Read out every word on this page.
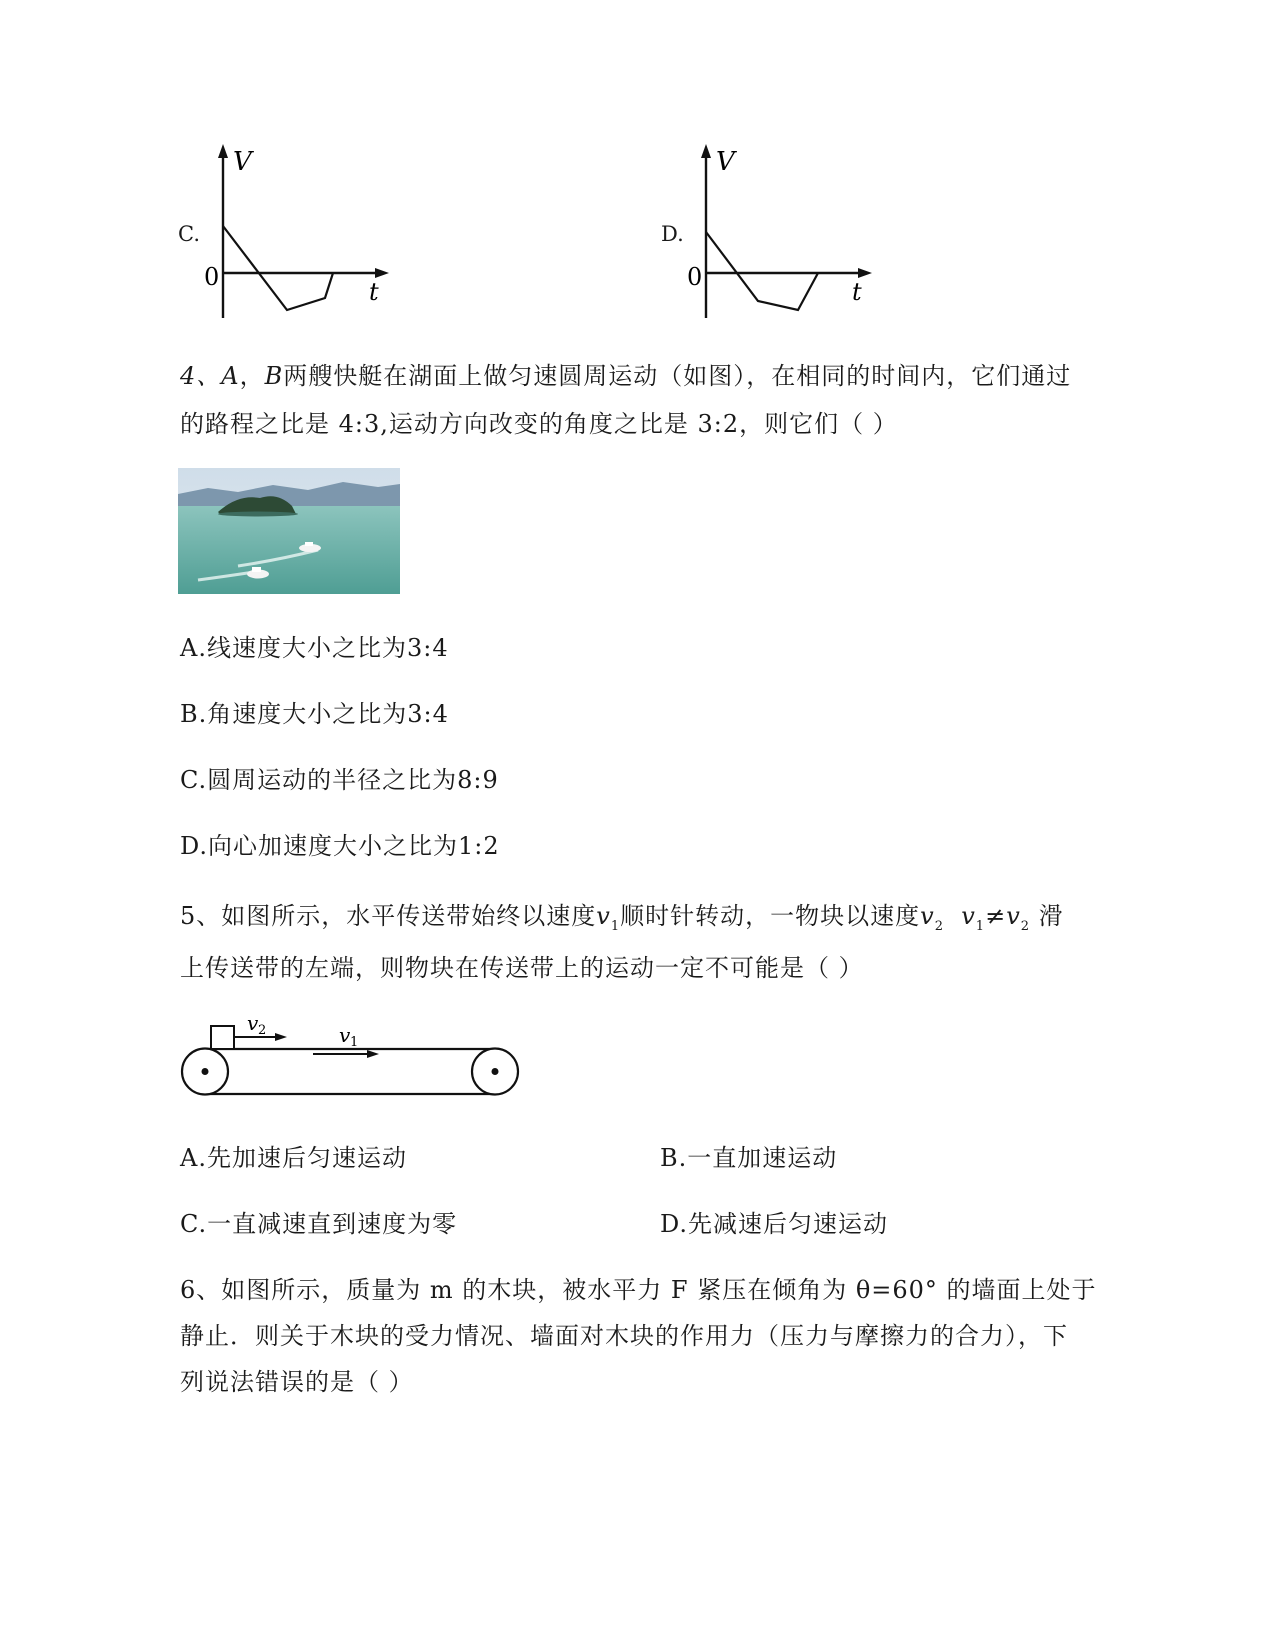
C.
V
0
t
D.
V
0
t
4、A，B两艘快艇在湖面上做匀速圆周运动（如图），在相同的时间内，它们通过
的路程之比是 4:3,运动方向改变的角度之比是 3:2，则它们（ ）
A.线速度大小之比为3:4
B.角速度大小之比为3:4
C.圆周运动的半径之比为8:9
D.向心加速度大小之比为1:2
5、如图所示，水平传送带始终以速度$v_1$顺时针转动，一物块以速度$v_2$ $v_1\ne v_2$ 滑
上传送带的左端，则物块在传送带上的运动一定不可能是（ ）
v 2	v 1
A.先加速后匀速运动	B.一直加速运动
C.一直减速直到速度为零	D.先减速后匀速运动
6、如图所示，质量为 m 的木块，被水平力 F 紧压在倾角为 θ=60° 的墙面上处于
静止．则关于木块的受力情况、墙面对木块的作用力（压力与摩擦力的合力），下
列说法错误的是（ ）
